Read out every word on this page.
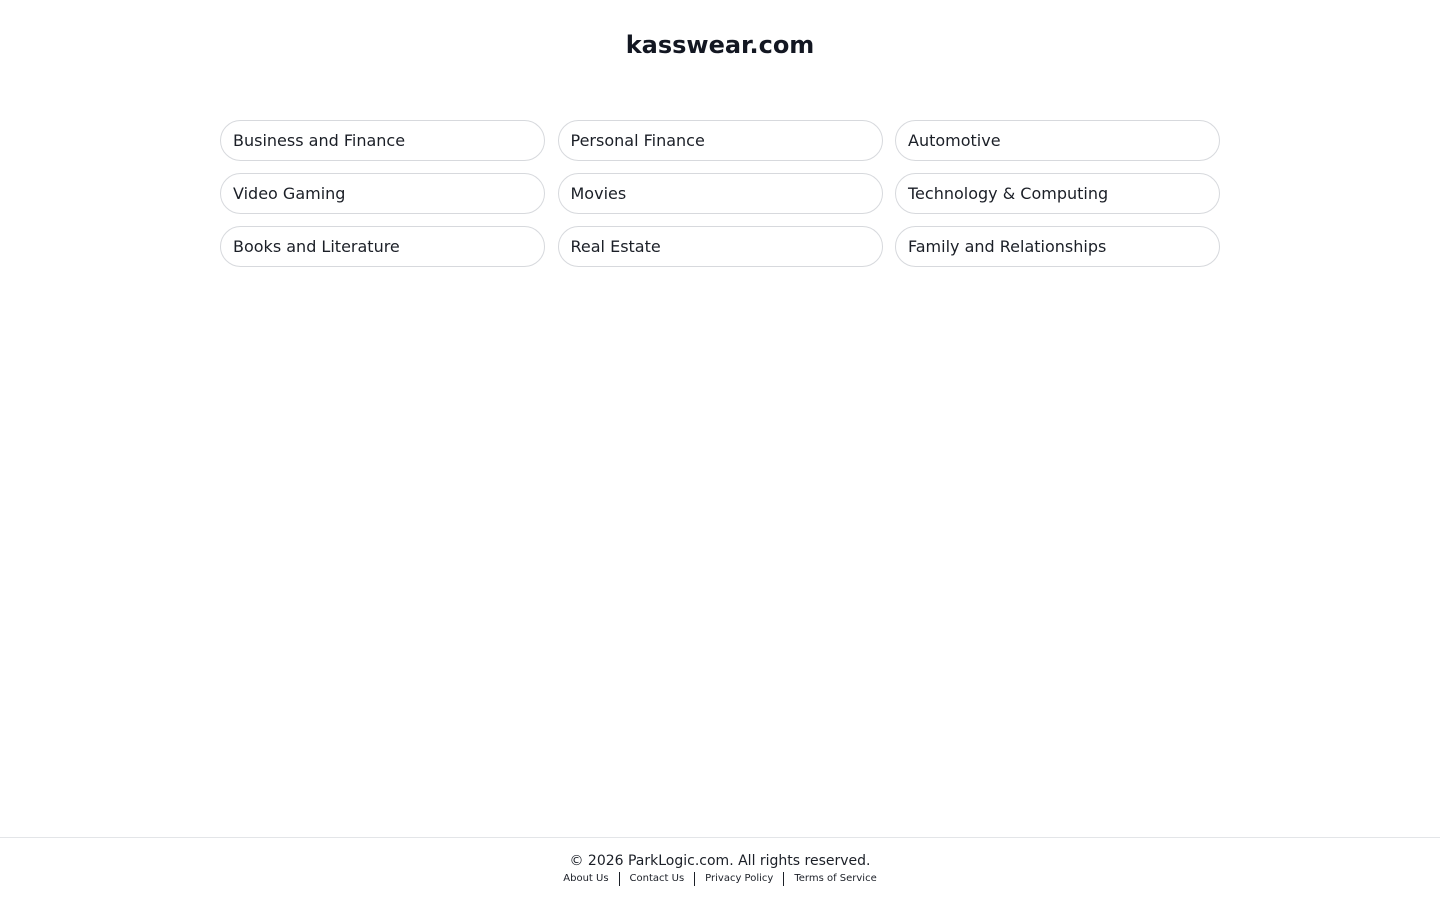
kasswear.com
Business and Finance	Personal Finance	Automotive
Video Gaming	Movies	Technology & Computing
Books and Literature	Real Estate	Family and Relationships
© 2026 ParkLogic.com. All rights reserved.
About Us	Contact Us	Privacy Policy	Terms of Service
